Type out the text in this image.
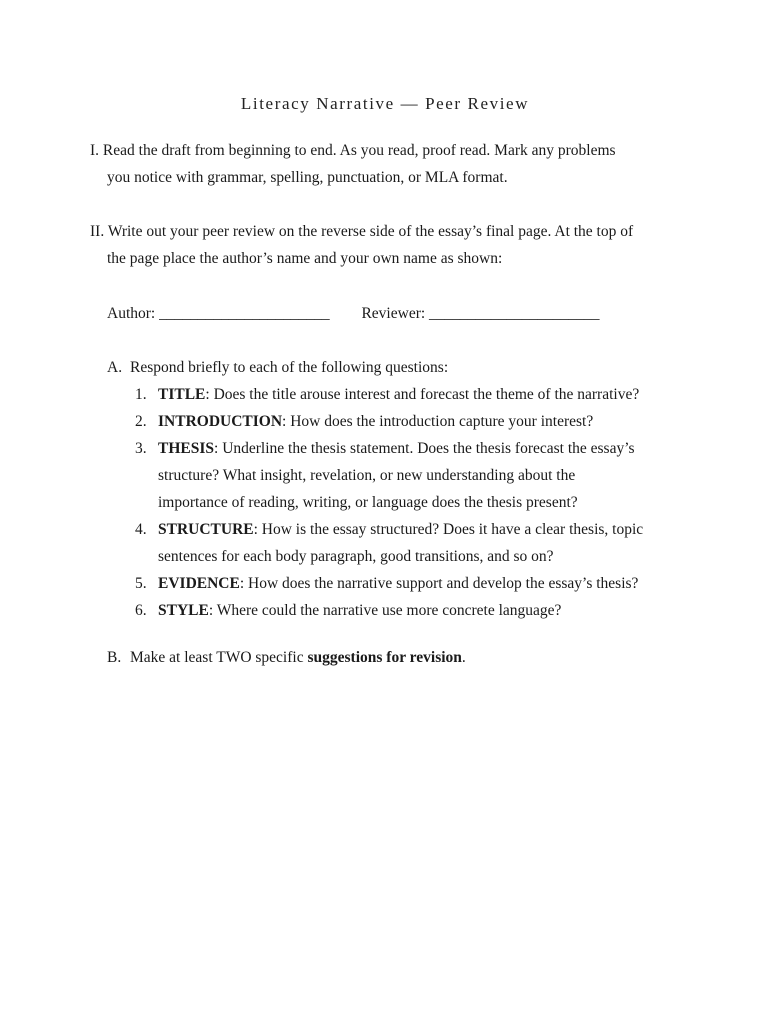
Literacy Narrative — Peer Review
I. Read the draft from beginning to end. As you read, proof read. Mark any problems
you notice with grammar, spelling, punctuation, or MLA format.
II. Write out your peer review on the reverse side of the essay’s final page. At the top of
the page place the author’s name and your own name as shown:
Author: ______________________ Reviewer: ______________________
A. Respond briefly to each of the following questions:
1. TITLE: Does the title arouse interest and forecast the theme of the narrative?
2. INTRODUCTION: How does the introduction capture your interest?
3. THESIS: Underline the thesis statement. Does the thesis forecast the essay’s
structure? What insight, revelation, or new understanding about the
importance of reading, writing, or language does the thesis present?
4. STRUCTURE: How is the essay structured? Does it have a clear thesis, topic
sentences for each body paragraph, good transitions, and so on?
5. EVIDENCE: How does the narrative support and develop the essay’s thesis?
6. STYLE: Where could the narrative use more concrete language?
B. Make at least TWO specific suggestions for revision.
